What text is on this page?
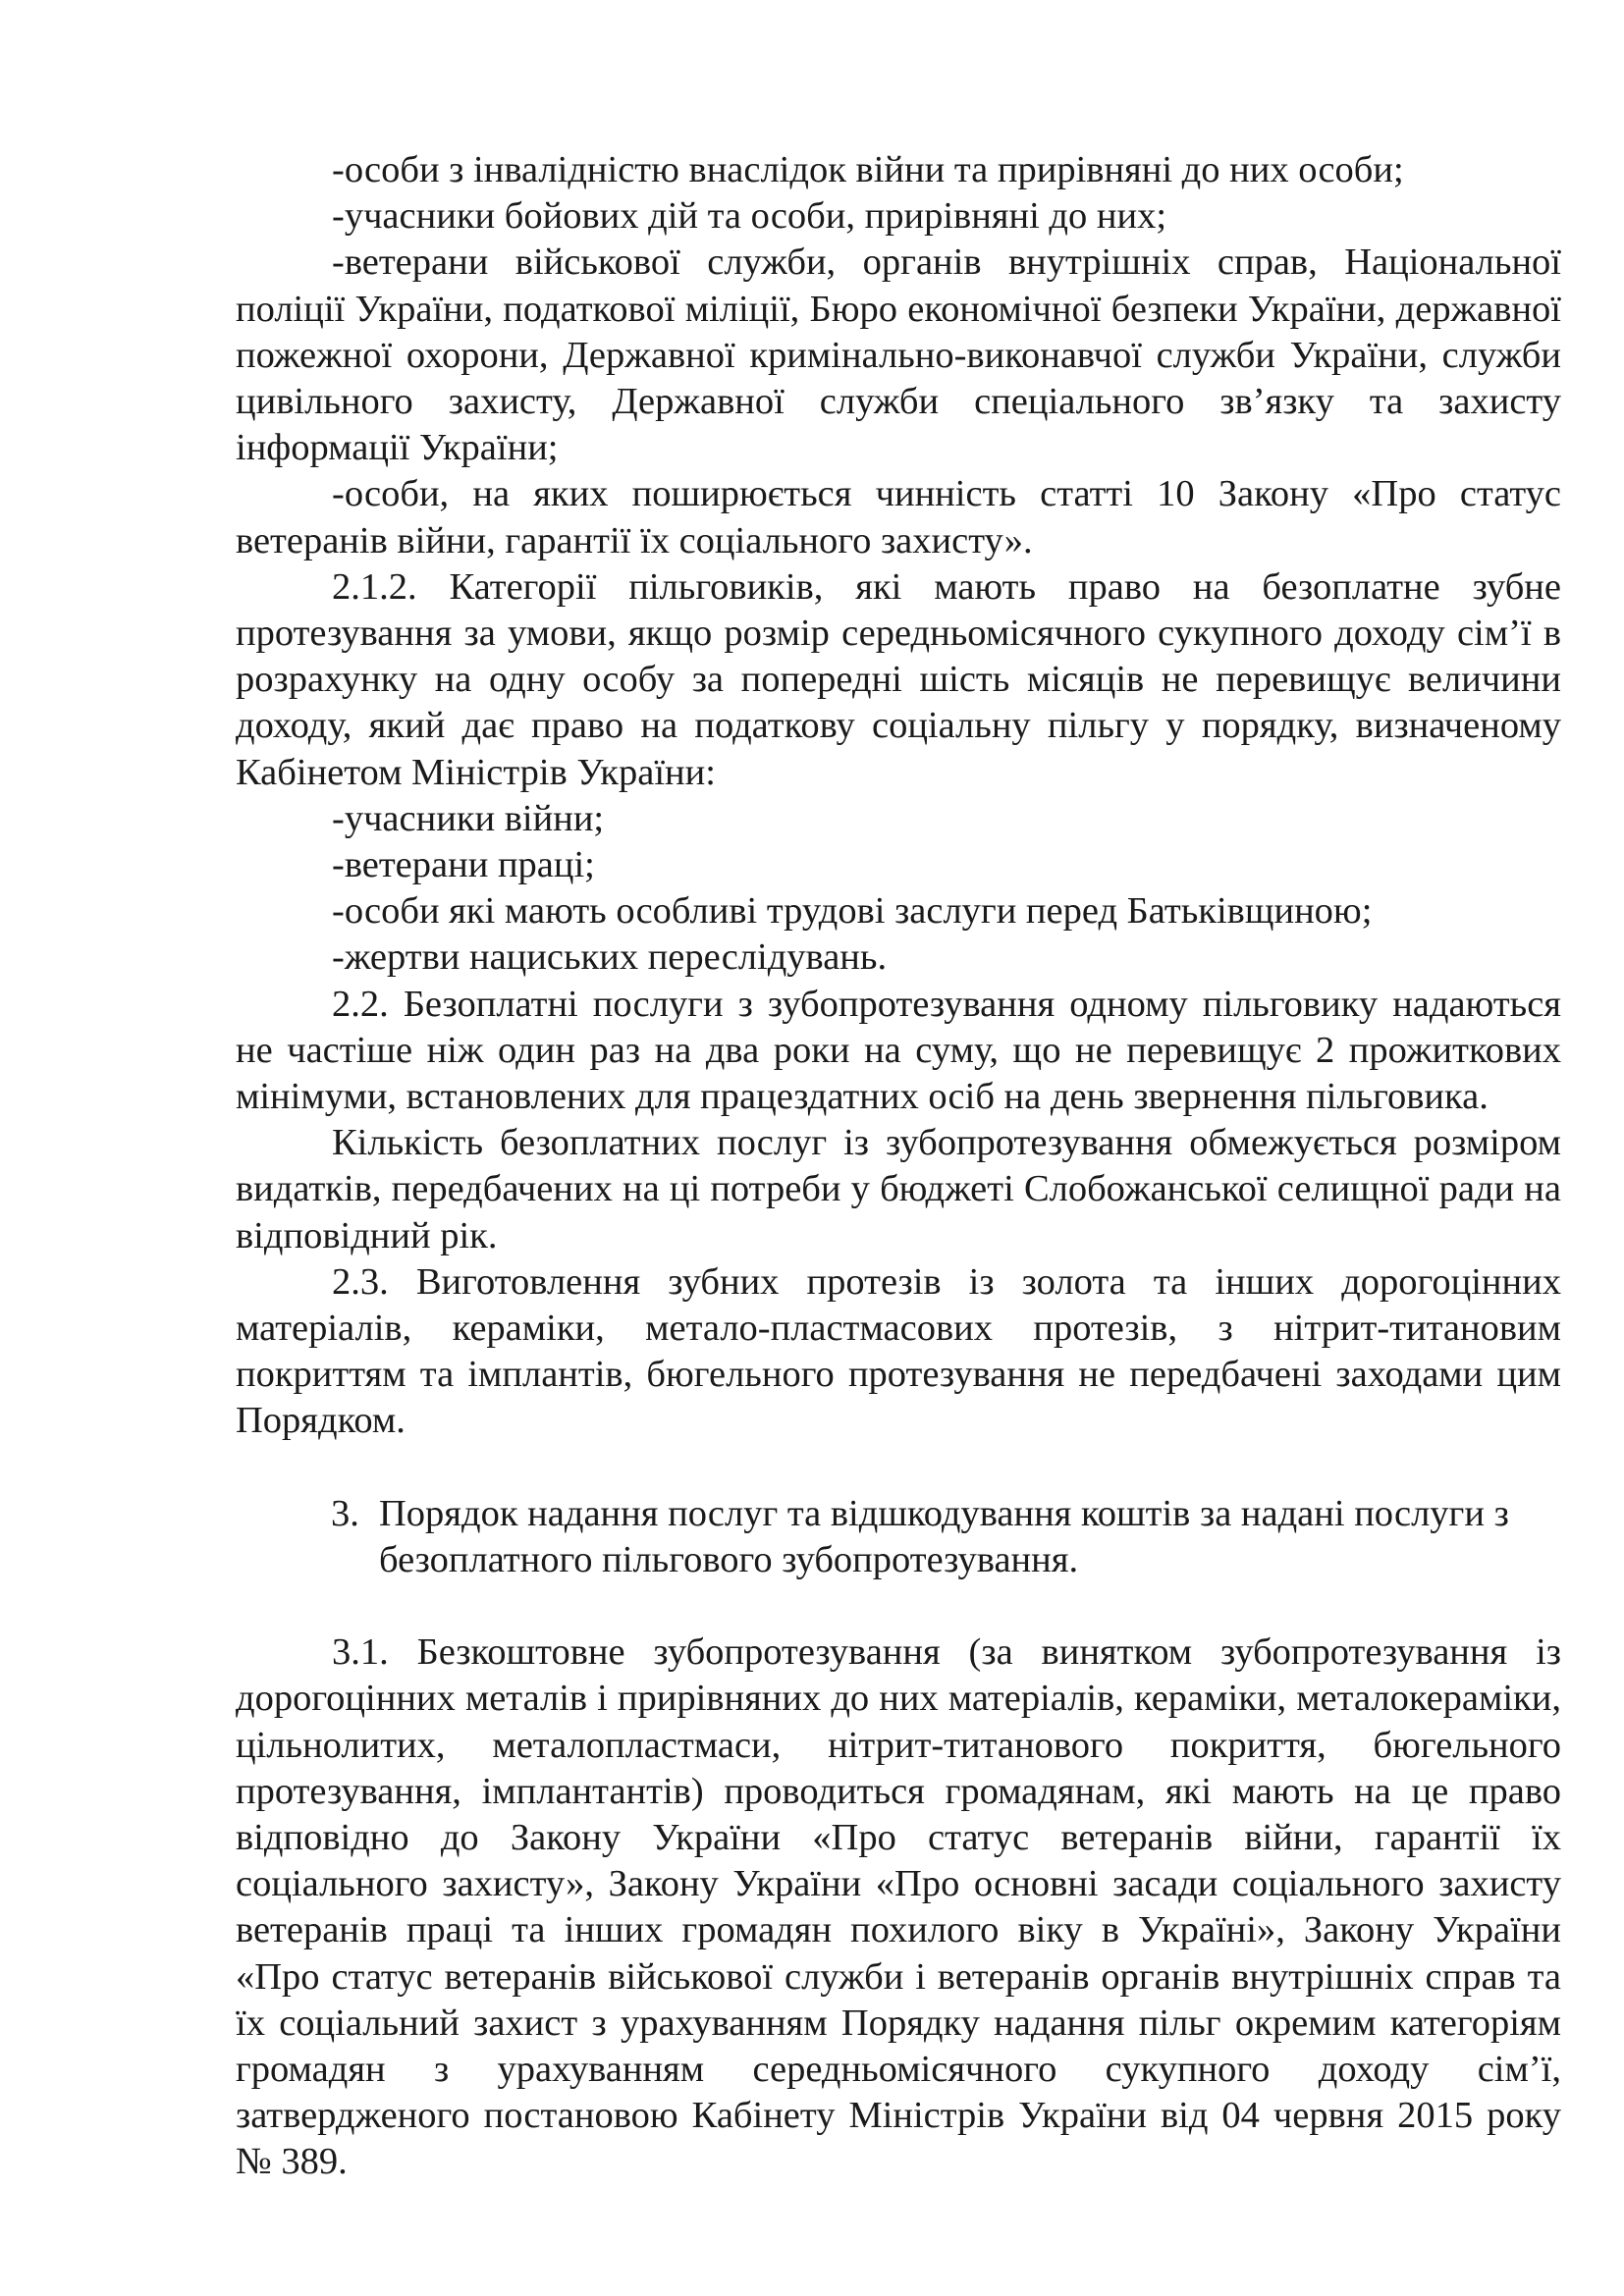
-особи з інвалідністю внаслідок війни та прирівняні до них особи;

-учасники бойових дій та особи, прирівняні до них;

-ветерани військової служби, органів внутрішніх справ, Національної поліції України, податкової міліції, Бюро економічної безпеки України, державної пожежної охорони, Державної кримінально-виконавчої служби України, служби цивільного захисту, Державної служби спеціального зв’язку та захисту інформації України;

-особи, на яких поширюється чинність статті 10 Закону «Про статус ветеранів війни, гарантії їх соціального захисту».

2.1.2. Категорії пільговиків, які мають право на безоплатне зубне протезування за умови, якщо розмір середньомісячного сукупного доходу сім’ї в розрахунку на одну особу за попередні шість місяців не перевищує величини доходу, який дає право на податкову соціальну пільгу у порядку, визначеному Кабінетом Міністрів України:

-учасники війни;

-ветерани праці;

-особи які мають особливі трудові заслуги перед Батьківщиною;

-жертви нациських переслідувань.

2.2. Безоплатні послуги з зубопротезування одному пільговику надаються не частіше ніж один раз на два роки на суму, що не перевищує 2 прожиткових мінімуми, встановлених для працездатних осіб на день звернення пільговика.

Кількість безоплатних послуг із зубопротезування обмежується розміром видатків, передбачених на ці потреби у бюджеті Слобожанської селищної ради на відповідний рік.

2.3. Виготовлення зубних протезів із золота та інших дорогоцінних матеріалів, кераміки, метало-пластмасових протезів, з нітрит-титановим покриттям та імплантів, бюгельного протезування не передбачені заходами цим Порядком.

3. Порядок надання послуг та відшкодування коштів за надані послуги з безоплатного пільгового зубопротезування.

3.1. Безкоштовне зубопротезування (за винятком зубопротезування із дорогоцінних металів і прирівняних до них матеріалів, кераміки, металокераміки, цільнолитих, металопластмаси, нітрит-титанового покриття, бюгельного протезування, імплантантів) проводиться громадянам, які мають на це право відповідно до Закону України «Про статус ветеранів війни, гарантії їх соціального захисту», Закону України «Про основні засади соціального захисту ветеранів праці та інших громадян похилого віку в Україні», Закону України «Про статус ветеранів військової служби і ветеранів органів внутрішніх справ та їх соціальний захист з урахуванням Порядку надання пільг окремим категоріям громадян з урахуванням середньомісячного сукупного доходу сім’ї, затвердженого постановою Кабінету Міністрів України від 04 червня 2015 року № 389.
